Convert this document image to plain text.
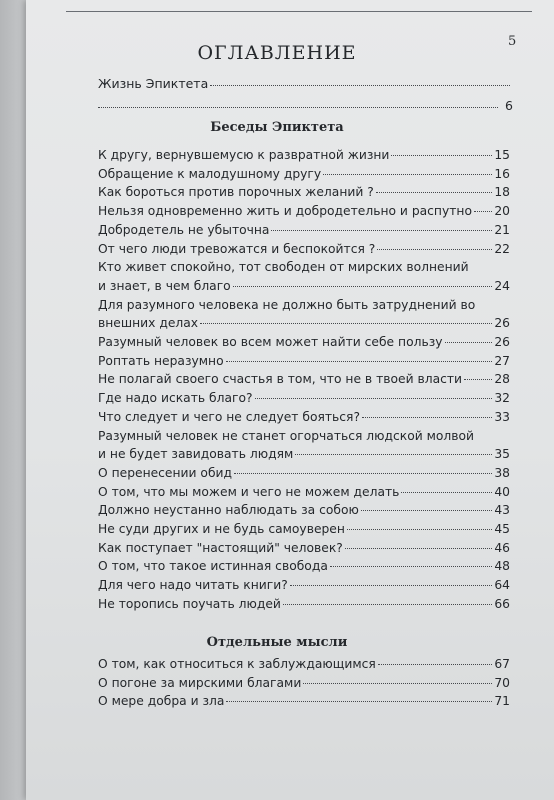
5
ОГЛАВЛЕНИЕ
Жизнь Эпиктета
6
Беседы Эпиктета
К другу, вернувшемусю к развратной жизни	15
Обращение к малодушному другу	16
Как бороться против порочных желаний ?	18
Нельзя одновременно жить и добродетельно и распутно 20
Добродетель не убыточна	21
От чего люди тревожатся и беспокойтся ?	22
Кто живет спокойно, тот свободен от мирских волнений
и знает, в чем благо	24
Для разумного человека не должно быть затруднений во
внешних делах	26
Разумный человек во всем может найти себе пользу	26
Роптать неразумно	27
Не полагай своего счастья в том, что не в твоей власти	28
Где надо искать благо?	32
Что следует и чего не следует бояться?	33
Разумный человек не станет огорчаться людской молвой
и не будет завидовать людям	35
О перенесении обид	38
О том, что мы можем и чего не можем делать	40
Должно неустанно наблюдать за собою	43
Не суди других и не будь самоуверен	45
Как поступает "настоящий" человек?	46
О том, что такое истинная свобода	48
Для чего надо читать книги?	64
Не торопись поучать людей	66
Отдельные мысли
О том, как относиться к заблуждающимся	67
О погоне за мирскими благами	70
О мере добра и зла	71
